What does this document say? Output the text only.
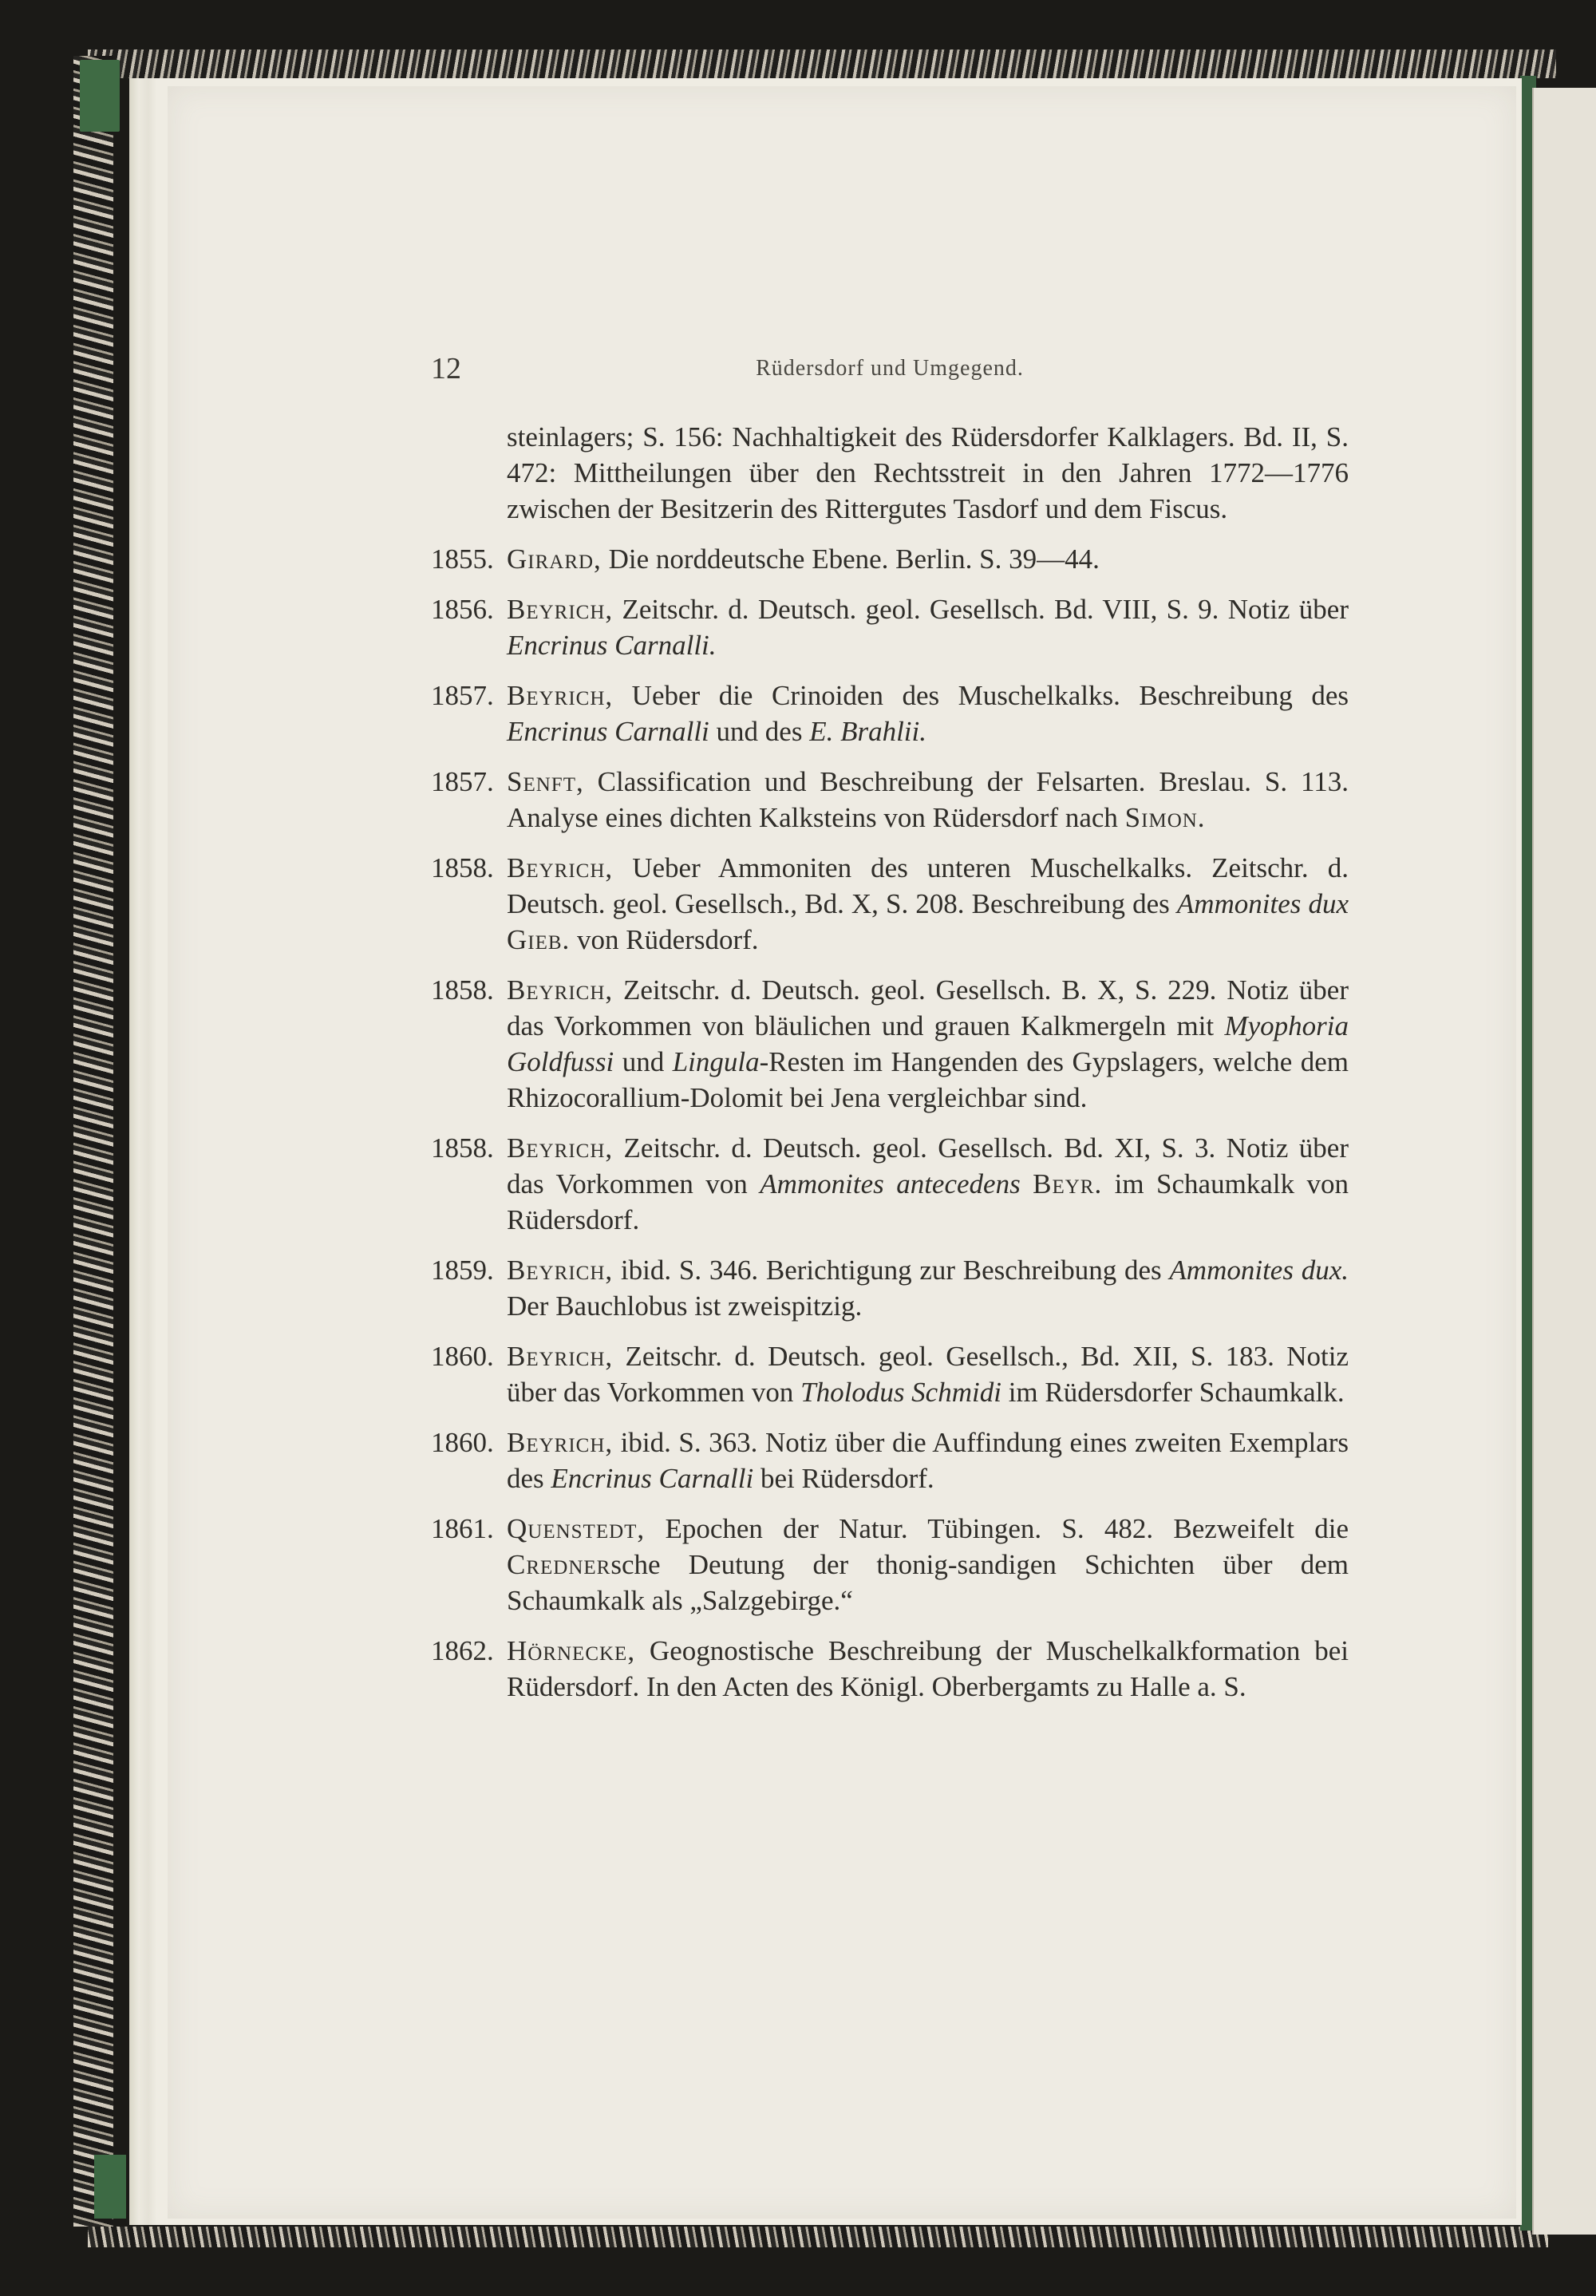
12	Rüdersdorf und Umgegend.
steinlagers; S. 156: Nachhaltigkeit des Rüdersdorfer Kalklagers. Bd. II, S. 472: Mittheilungen über den Rechtsstreit in den Jahren 1772—1776 zwischen der Besitzerin des Rittergutes Tasdorf und dem Fiscus.
1855. Girard, Die norddeutsche Ebene. Berlin. S. 39—44.
1856. Beyrich, Zeitschr. d. Deutsch. geol. Gesellsch. Bd. VIII, S. 9. Notiz über Encrinus Carnalli.
1857. Beyrich, Ueber die Crinoiden des Muschelkalks. Beschreibung des Encrinus Carnalli und des E. Brahlii.
1857. Senft, Classification und Beschreibung der Felsarten. Breslau. S. 113. Analyse eines dichten Kalksteins von Rüdersdorf nach Simon.
1858. Beyrich, Ueber Ammoniten des unteren Muschelkalks. Zeitschr. d. Deutsch. geol. Gesellsch., Bd. X, S. 208. Beschreibung des Ammonites dux Gieb. von Rüdersdorf.
1858. Beyrich, Zeitschr. d. Deutsch. geol. Gesellsch. B. X, S. 229. Notiz über das Vorkommen von bläulichen und grauen Kalkmergeln mit Myophoria Goldfussi und Lingula-Resten im Hangenden des Gypslagers, welche dem Rhizocorallium-Dolomit bei Jena vergleichbar sind.
1858. Beyrich, Zeitschr. d. Deutsch. geol. Gesellsch. Bd. XI, S. 3. Notiz über das Vorkommen von Ammonites antecedens Beyr. im Schaumkalk von Rüdersdorf.
1859. Beyrich, ibid. S. 346. Berichtigung zur Beschreibung des Ammonites dux. Der Bauchlobus ist zweispitzig.
1860. Beyrich, Zeitschr. d. Deutsch. geol. Gesellsch., Bd. XII, S. 183. Notiz über das Vorkommen von Tholodus Schmidi im Rüdersdorfer Schaumkalk.
1860. Beyrich, ibid. S. 363. Notiz über die Auffindung eines zweiten Exemplars des Encrinus Carnalli bei Rüdersdorf.
1861. Quenstedt, Epochen der Natur. Tübingen. S. 482. Bezweifelt die Crednersche Deutung der thonig-sandigen Schichten über dem Schaumkalk als „Salzgebirge.“
1862. Hörnecke, Geognostische Beschreibung der Muschelkalkformation bei Rüdersdorf. In den Acten des Königl. Oberbergamts zu Halle a. S.
